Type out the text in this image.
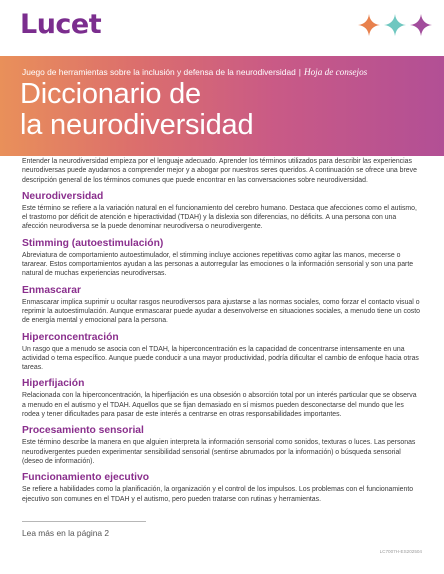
Lucet
Juego de herramientas sobre la inclusión y defensa de la neurodiversidad | Hoja de consejos
Diccionario de
la neurodiversidad

Entender la neurodiversidad empieza por el lenguaje adecuado. Aprender los términos utilizados para describir las experiencias neurodiversas puede ayudarnos a comprender mejor y a abogar por nuestros seres queridos. A continuación se ofrece una breve descripción general de los términos comunes que puede encontrar en las conversaciones sobre neurodiversidad.

Neurodiversidad

Este término se refiere a la variación natural en el funcionamiento del cerebro humano. Destaca que afecciones como el autismo, el trastorno por déficit de atención e hiperactividad (TDAH) y la dislexia son diferencias, no déficits. A una persona con una afección neurodiversa se la puede denominar neurodiversa o neurodivergente.

Stimming (autoestimulación)

Abreviatura de comportamiento autoestimulador, el stimming incluye acciones repetitivas como agitar las manos, mecerse o tararear. Estos comportamientos ayudan a las personas a autorregular las emociones o la información sensorial y son una parte natural de muchas experiencias neurodiversas.

Enmascarar

Enmascarar implica suprimir u ocultar rasgos neurodiversos para ajustarse a las normas sociales, como forzar el contacto visual o reprimir la autoestimulación. Aunque enmascarar puede ayudar a desenvolverse en situaciones sociales, a menudo tiene un costo de energía mental y emocional para la persona.

Hiperconcentración

Un rasgo que a menudo se asocia con el TDAH, la hiperconcentración es la capacidad de concentrarse intensamente en una actividad o tema específico. Aunque puede conducir a una mayor productividad, podría dificultar el cambio de enfoque hacia otras tareas.

Hiperfijación

Relacionada con la hiperconcentración, la hiperfijación es una obsesión o absorción total por un interés particular que se observa a menudo en el autismo y el TDAH. Aquellos que se fijan demasiado en sí mismos pueden desconectarse del mundo que les rodea y tener dificultades para pasar de este interés a centrarse en otras responsabilidades importantes.

Procesamiento sensorial

Este término describe la manera en que alguien interpreta la información sensorial como sonidos, texturas o luces. Las personas neurodivergentes pueden experimentar sensibilidad sensorial (sentirse abrumados por la información) o búsqueda sensorial (deseo de información).

Funcionamiento ejecutivo

Se refiere a habilidades como la planificación, la organización y el control de los impulsos. Los problemas con el funcionamiento ejecutivo son comunes en el TDAH y el autismo, pero pueden tratarse con rutinas y herramientas.

Lea más en la página 2
LC7007H-ES202504
